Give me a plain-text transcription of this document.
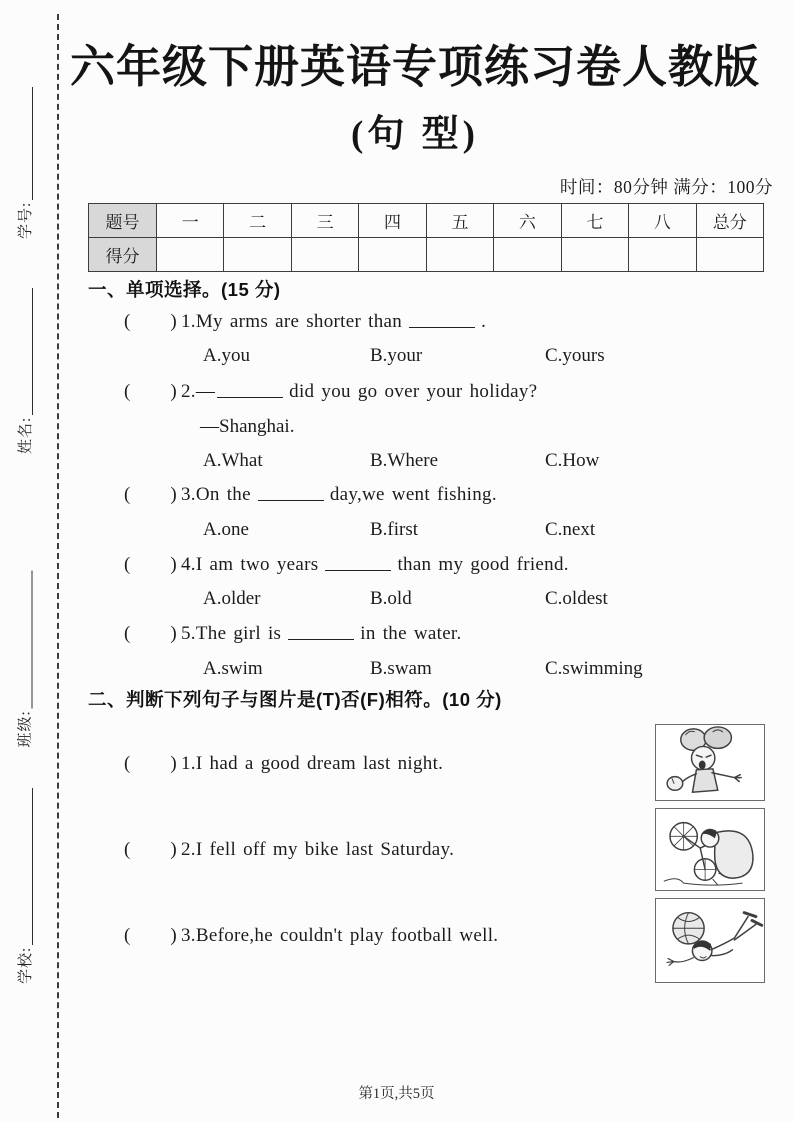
学号:
姓名:
班级:
学校:
六年级下册英语专项练习卷人教版
(句 型)
时间：80分钟 满分：100分
题号	一	二	三	四	五	六	七	八	总分
得分									
一、单项选择。(15 分)
( ) 1.My arms are shorter than	.
A.you	B.your	C.yours
( ) 2.—	did you go over your holiday?
—Shanghai.
A.What	B.Where	C.How
( ) 3.On the	day,we went fishing.
A.one	B.first	C.next
( ) 4.I am two years	than my good friend.
A.older	B.old	C.oldest
( ) 5.The girl is	in the water.
A.swim	B.swam	C.swimming
二、判断下列句子与图片是(T)否(F)相符。(10 分)
( ) 1.I had a good dream last night.
( ) 2.I fell off my bike last Saturday.
( ) 3.Before,he couldn't play football well.
第1页,共5页
